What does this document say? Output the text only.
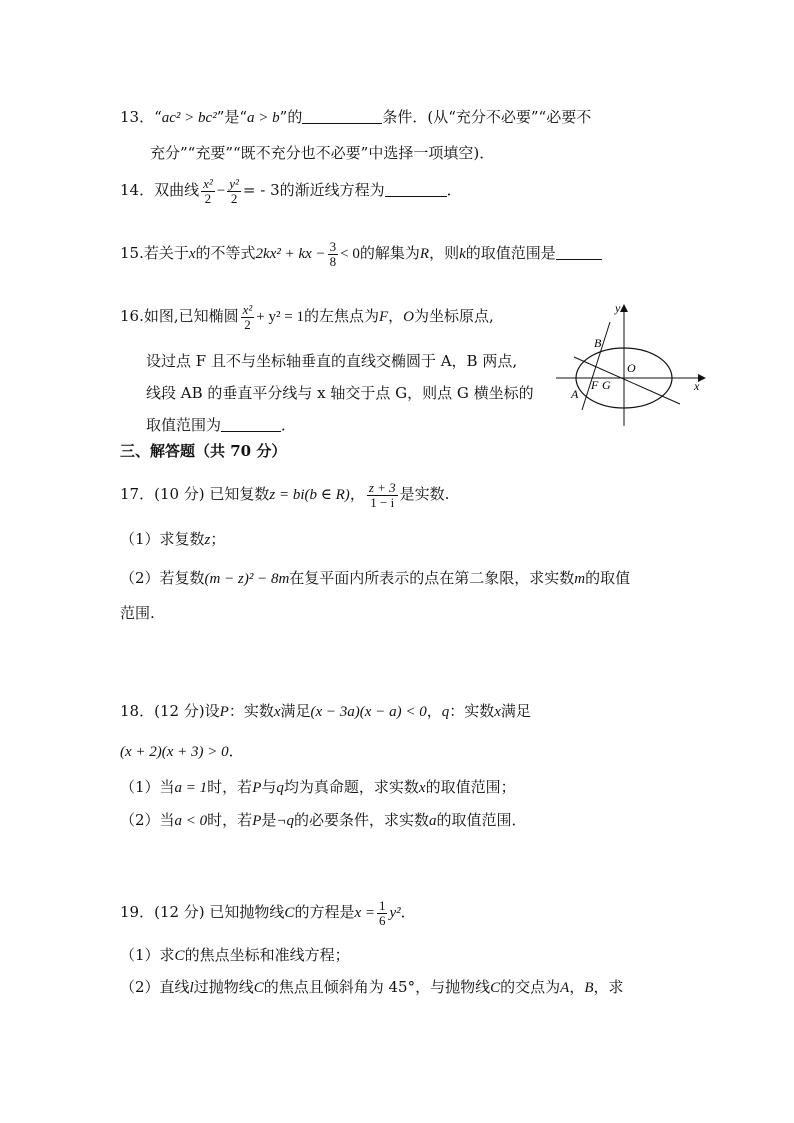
13．“ac² > bc²”是“a > b”的	条件．(从“充分不必要”“必要不
充分”“充要”“既不充分也不必要”中选择一项填空)．
14．双曲线 $\frac{\text{x²}}{2} - \frac{\text{y²}}{2}$ = - 3的渐近线方程为	．
15.若关于x的不等式2kx² + kx − $\frac{3}{8} < 0$的解集为R，则k的取值范围是
16.如图,已知椭圆 $\frac{\text{x²}}{2} + y^2 = 1$的左焦点为F，O为坐标原点,
设过点 F 且不与坐标轴垂直的直线交椭圆于 A，B 两点,
线段 AB 的垂直平分线与 x 轴交于点 G，则点 G 横坐标的
取值范围为	．
y
x
B
O
F G
A
三、解答题（共 70 分）
17．(10 分) 已知复数z = bi(b ∈ R)， $\frac{z + 3}{1 - i}$ 是实数.
（1）求复数z；
（2）若复数(m − z)² − 8m在复平面内所表示的点在第二象限，求实数m的取值
范围.
18．(12 分)设P：实数x满足(x − 3a)(x − a) < 0，q：实数x满足
(x + 2)(x + 3) > 0．
（1）当a = 1时，若P与q均为真命题，求实数x的取值范围；
（2）当a < 0时，若P是¬q的必要条件，求实数a的取值范围．
19．(12 分) 已知抛物线C的方程是$x = \frac{1}{6} y^2$．
（1）求C的焦点坐标和准线方程；
（2）直线l过抛物线C的焦点且倾斜角为 45°，与抛物线C的交点为A，B，求
